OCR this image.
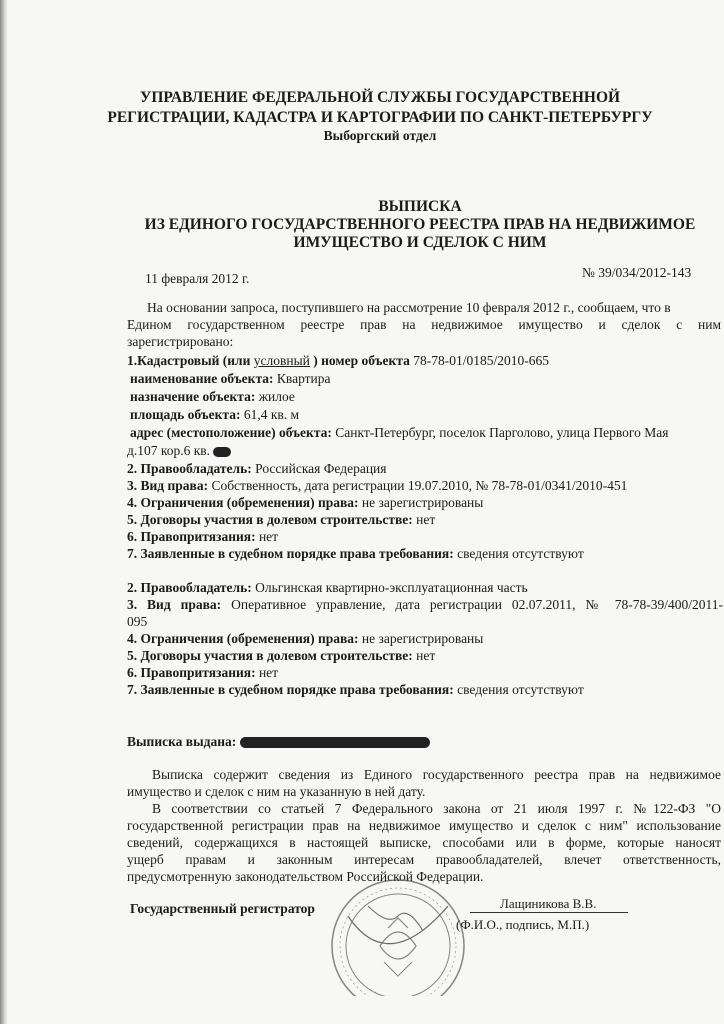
УПРАВЛЕНИЕ ФЕДЕРАЛЬНОЙ СЛУЖБЫ ГОСУДАРСТВЕННОЙ
РЕГИСТРАЦИИ, КАДАСТРА И КАРТОГРАФИИ ПО САНКТ-ПЕТЕРБУРГУ
Выборгский отдел
ВЫПИСКА
ИЗ ЕДИНОГО ГОСУДАРСТВЕННОГО РЕЕСТРА ПРАВ НА НЕДВИЖИМОЕ
ИМУЩЕСТВО И СДЕЛОК С НИМ
11 февраля 2012 г.	№ 39/034/2012-143
На основании запроса, поступившего на рассмотрение 10 февраля 2012 г., сообщаем, что в
Едином государственном реестре прав на недвижимое имущество и сделок с ним
зарегистрировано:
1.Кадастровый (или условный ) номер объекта 78-78-01/0185/2010-665
наименование объекта: Квартира
назначение объекта: жилое
площадь объекта: 61,4 кв. м
адрес (местоположение) объекта: Санкт-Петербург, поселок Парголово, улица Первого Мая
д.107 кор.6 кв.
2. Правообладатель: Российская Федерация
3. Вид права: Собственность, дата регистрации 19.07.2010, № 78-78-01/0341/2010-451
4. Ограничения (обременения) права: не зарегистрированы
5. Договоры участия в долевом строительстве: нет
6. Правопритязания: нет
7. Заявленные в судебном порядке права требования: сведения отсутствуют
2. Правообладатель: Ольгинская квартирно-эксплуатационная часть
3. Вид права: Оперативное управление, дата регистрации 02.07.2011, № 78-78-39/400/2011-
095
4. Ограничения (обременения) права: не зарегистрированы
5. Договоры участия в долевом строительстве: нет
6. Правопритязания: нет
7. Заявленные в судебном порядке права требования: сведения отсутствуют
Выписка выдана:
Выписка содержит сведения из Единого государственного реестра прав на недвижимое
имущество и сделок с ним на указанную в ней дату.
В соответствии со статьей 7 Федерального закона от 21 июля 1997 г. №122-ФЗ "О
государственной регистрации прав на недвижимое имущество и сделок с ним" использование
сведений, содержащихся в настоящей выписке, способами или в форме, которые наносят
ущерб правам и законным интересам правообладателей, влечет ответственность,
предусмотренную законодательством Российской Федерации.
Государственный регистратор	Лащиникова В.В.
(Ф.И.О., подпись, М.П.)
